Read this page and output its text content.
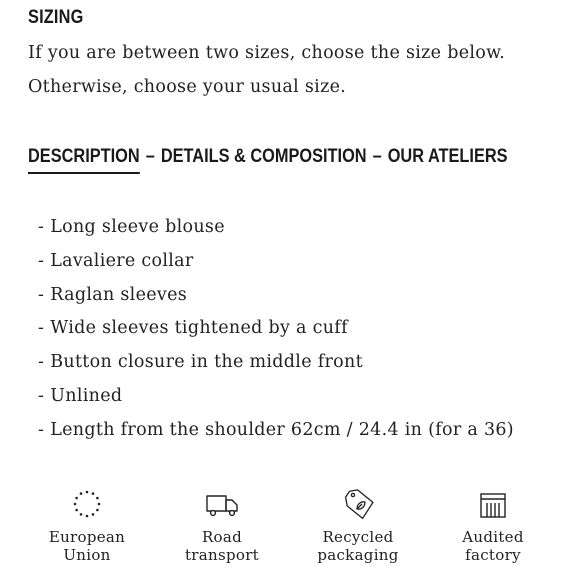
SIZING
If you are between two sizes, choose the size below.
Otherwise, choose your usual size.
DESCRIPTION – DETAILS & COMPOSITION – OUR ATELIERS
- Long sleeve blouse
- Lavaliere collar
- Raglan sleeves
- Wide sleeves tightened by a cuff
- Button closure in the middle front
- Unlined
- Length from the shoulder 62cm / 24.4 in (for a 36)
European
Union
Road
transport
Recycled
packaging
Audited
factory
